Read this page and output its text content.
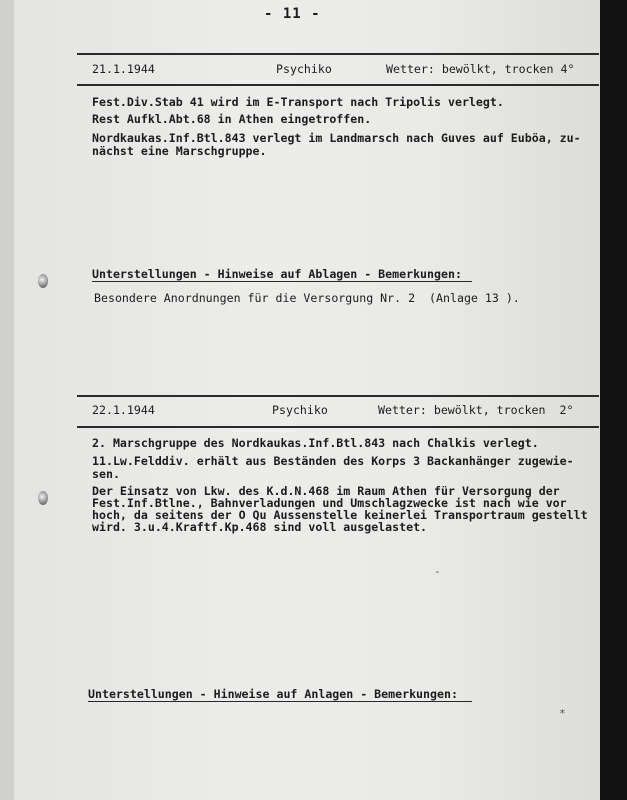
- 11 -
21.1.1944	Psychiko	Wetter: bewölkt, trocken 4°
Fest.Div.Stab 41 wird im E-Transport nach Tripolis verlegt.
Rest Aufkl.Abt.68 in Athen eingetroffen.
Nordkaukas.Inf.Btl.843 verlegt im Landmarsch nach Guves auf Euböa, zu-
nächst eine Marschgruppe.
Unterstellungen - Hinweise auf Ablagen - Bemerkungen:
Besondere Anordnungen für die Versorgung Nr. 2  (Anlage 13 ).
22.1.1944	Psychiko	Wetter: bewölkt, trocken  2°
2. Marschgruppe des Nordkaukas.Inf.Btl.843 nach Chalkis verlegt.
11.Lw.Felddiv. erhält aus Beständen des Korps 3 Backanhänger zugewie-
sen.
Der Einsatz von Lkw. des K.d.N.468 im Raum Athen für Versorgung der
Fest.Inf.Btlne., Bahnverladungen und Umschlagzwecke ist nach wie vor
hoch, da seitens der O Qu Aussenstelle keinerlei Transportraum gestellt
wird. 3.u.4.Kraftf.Kp.468 sind voll ausgelastet.
-
*
Unterstellungen - Hinweise auf Anlagen - Bemerkungen:
